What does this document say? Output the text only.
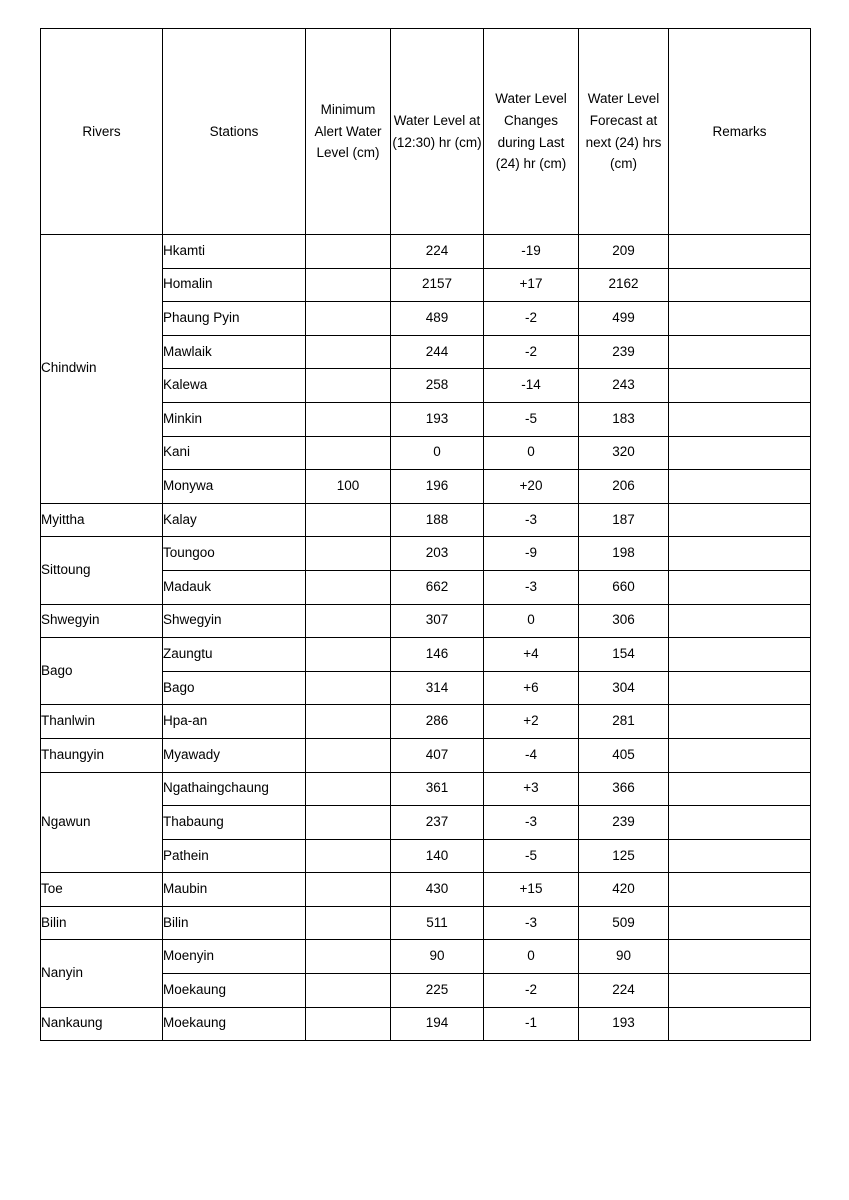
Rivers	Stations	Minimum Alert Water Level (cm)	Water Level at (12:30) hr (cm)	Water Level Changes during Last (24) hr (cm)	Water Level Forecast at next (24) hrs (cm)	Remarks

Chindwin	Hkamti		224	-19	209	
	Homalin		2157	+17	2162	
	Phaung Pyin		489	-2	499	
	Mawlaik		244	-2	239	
	Kalewa		258	-14	243	
	Minkin		193	-5	183	
	Kani		0	0	320	
	Monywa	100	196	+20	206	
Myittha	Kalay		188	-3	187	
Sittoung	Toungoo		203	-9	198	
	Madauk		662	-3	660	
Shwegyin	Shwegyin		307	0	306	
Bago	Zaungtu		146	+4	154	
	Bago		314	+6	304	
Thanlwin	Hpa-an		286	+2	281	
Thaungyin	Myawady		407	-4	405	
Ngawun	Ngathaingchaung		361	+3	366	
	Thabaung		237	-3	239	
	Pathein		140	-5	125	
Toe	Maubin		430	+15	420	
Bilin	Bilin		511	-3	509	
Nanyin	Moenyin		90	0	90	
	Moekaung		225	-2	224	
Nankaung	Moekaung		194	-1	193	
